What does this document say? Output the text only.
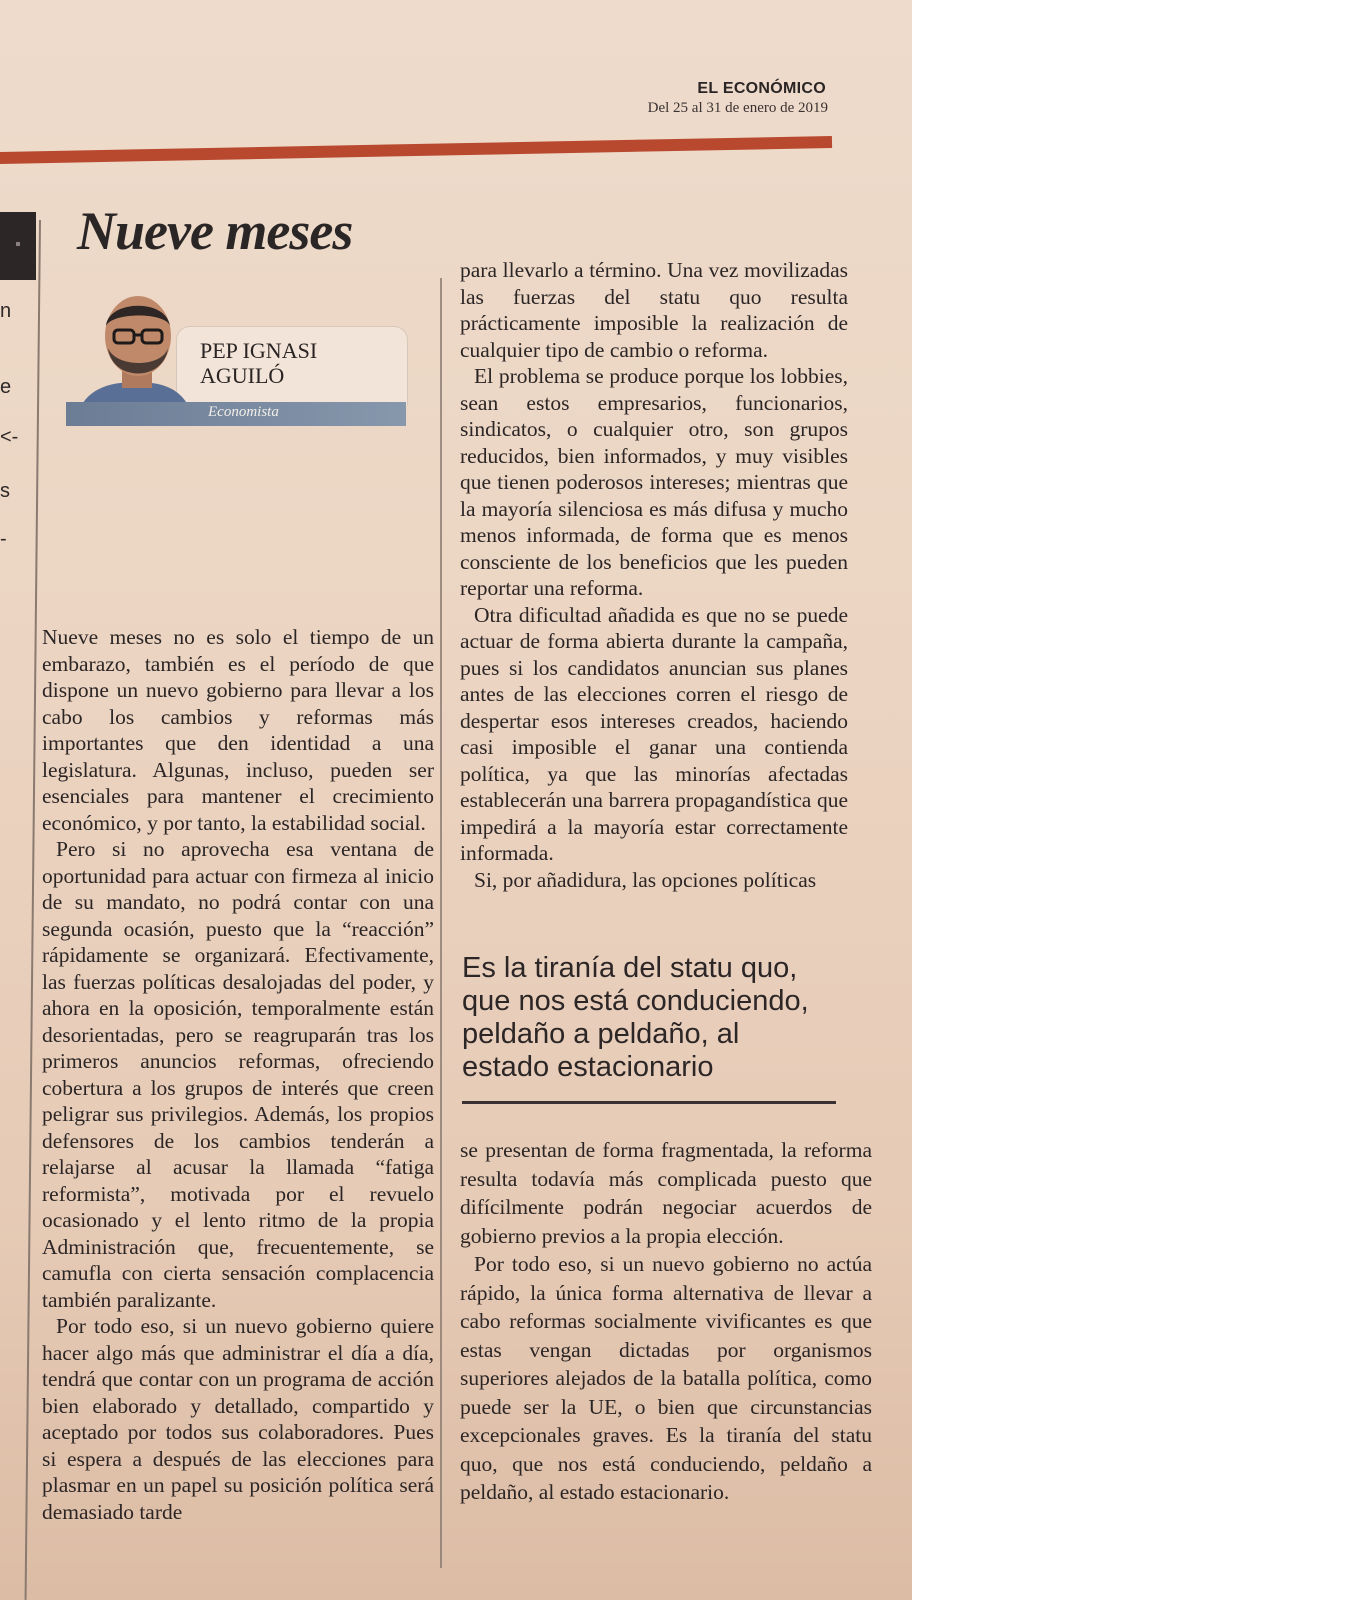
EL ECONÓMICO

Del 25 al 31 de enero de 2019

n
e
<-
s
-
Nueve meses
PEP IGNASI
AGUILÓ

Economista

Nueve meses no es solo el tiempo de un embarazo, también es el período de que dispone un nuevo gobierno para llevar a los cabo los cambios y reformas más importantes que den identidad a una legislatura. Algunas, incluso, pueden ser esenciales para mantener el crecimiento económico, y por tanto, la estabilidad social.

Pero si no aprovecha esa ventana de oportunidad para actuar con firmeza al inicio de su mandato, no podrá contar con una segunda ocasión, puesto que la “reacción” rápidamente se organizará. Efectivamente, las fuerzas políticas desalojadas del poder, y ahora en la oposición, temporalmente están desorientadas, pero se reagruparán tras los primeros anuncios reformas, ofreciendo cobertura a los grupos de interés que creen peligrar sus privilegios. Además, los propios defensores de los cambios tenderán a relajarse al acusar la llamada “fatiga reformista”, motivada por el revuelo ocasionado y el lento ritmo de la propia Administración que, frecuentemente, se camufla con cierta sensación complacencia también paralizante.

Por todo eso, si un nuevo gobierno quiere hacer algo más que administrar el día a día, tendrá que contar con un programa de acción bien elaborado y detallado, compartido y aceptado por todos sus colaboradores. Pues si espera a después de las elecciones para plasmar en un papel su posición política será demasiado tarde

para llevarlo a término. Una vez movilizadas las fuerzas del statu quo resulta prácticamente imposible la realización de cualquier tipo de cambio o reforma.

El problema se produce porque los lobbies, sean estos empresarios, funcionarios, sindicatos, o cualquier otro, son grupos reducidos, bien informados, y muy visibles que tienen poderosos intereses; mientras que la mayoría silenciosa es más difusa y mucho menos informada, de forma que es menos consciente de los beneficios que les pueden reportar una reforma.

Otra dificultad añadida es que no se puede actuar de forma abierta durante la campaña, pues si los candidatos anuncian sus planes antes de las elecciones corren el riesgo de despertar esos intereses creados, haciendo casi imposible el ganar una contienda política, ya que las minorías afectadas establecerán una barrera propagandística que impedirá a la mayoría estar correctamente informada.

Si, por añadidura, las opciones políticas

Es la tiranía del statu quo, que nos está conduciendo, peldaño a peldaño, al estado estacionario

se presentan de forma fragmentada, la reforma resulta todavía más complicada puesto que difícilmente podrán negociar acuerdos de gobierno previos a la propia elección.

Por todo eso, si un nuevo gobierno no actúa rápido, la única forma alternativa de llevar a cabo reformas socialmente vivificantes es que estas vengan dictadas por organismos superiores alejados de la batalla política, como puede ser la UE, o bien que circunstancias excepcionales graves. Es la tiranía del statu quo, que nos está conduciendo, peldaño a peldaño, al estado estacionario.
